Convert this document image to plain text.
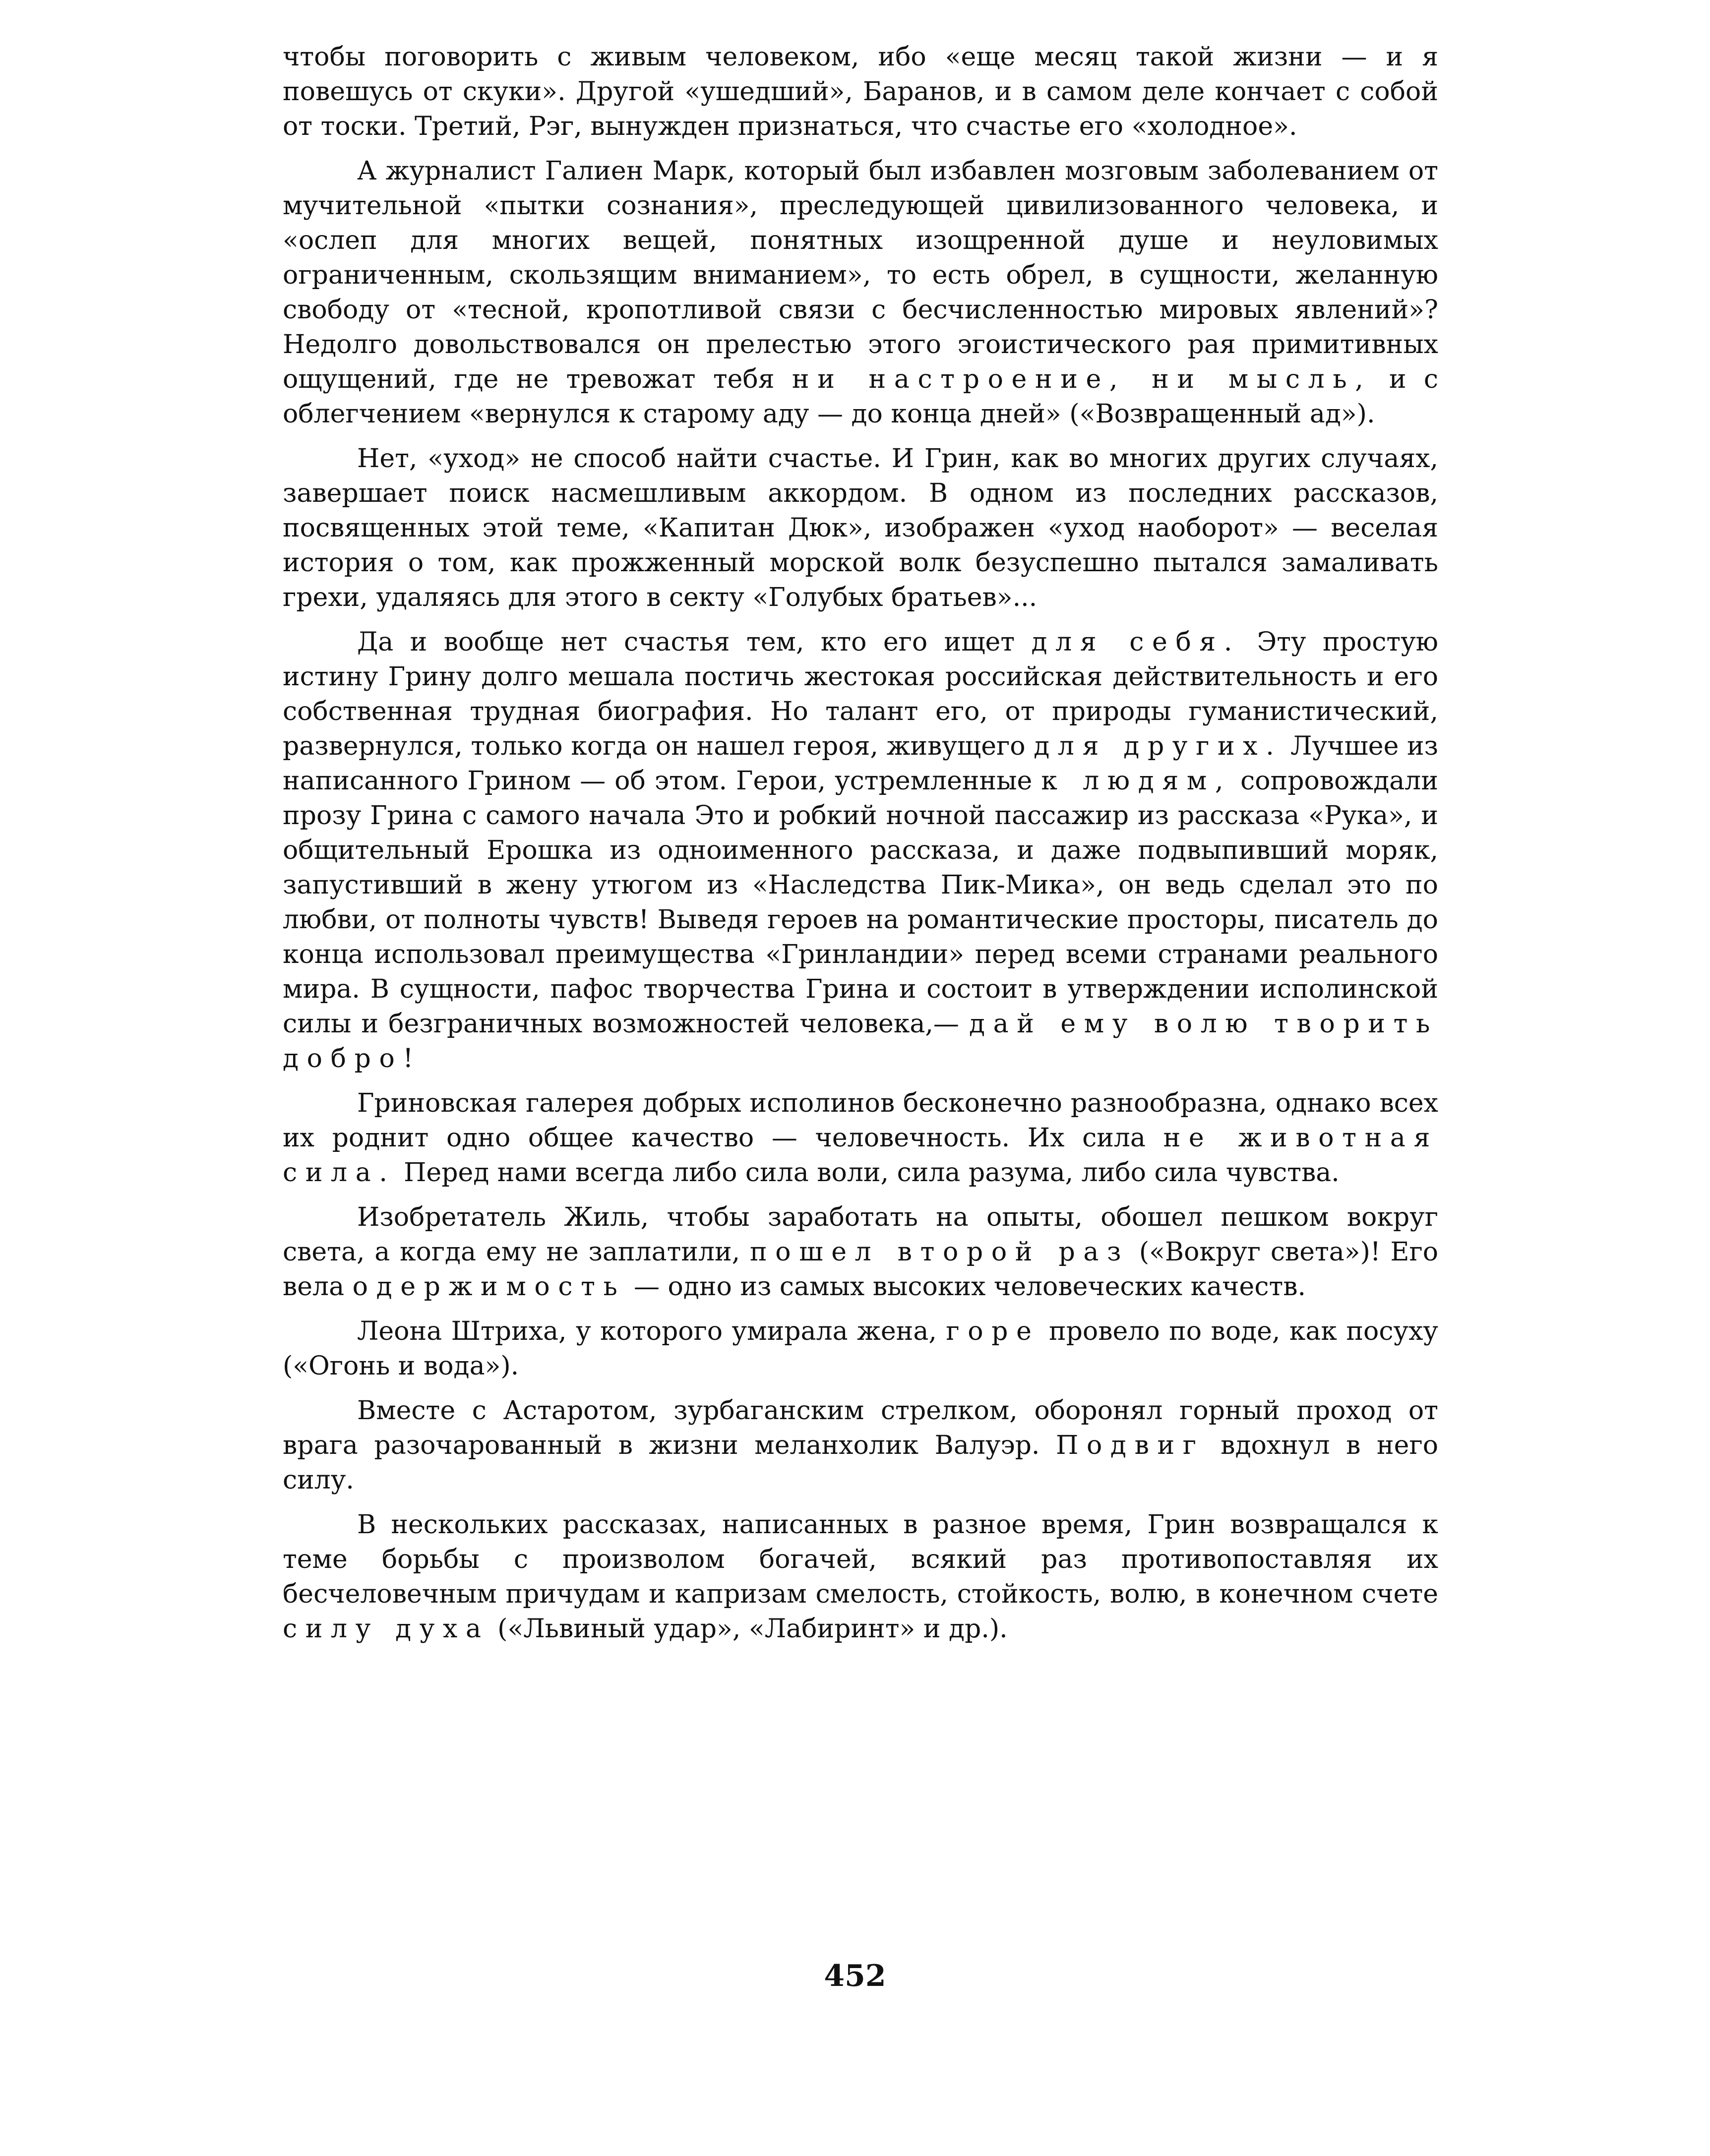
чтобы поговорить с живым человеком, ибо «еще месяц такой жизни — и я повешусь от скуки». Другой «ушедший», Баранов, и в самом деле кончает с собой от тоски. Третий, Рэг, вынужден признаться, что счастье его «холодное».

А журналист Галиен Марк, который был избавлен мозговым заболеванием от мучительной «пытки сознания», преследующей цивилизованного человека, и «ослеп для многих вещей, понятных изощренной душе и неуловимых ограниченным, скользящим вниманием», то есть обрел, в сущности, желанную свободу от «тесной, кропотливой связи с бесчисленностью мировых явлений»? Недолго довольствовался он прелестью этого эгоистического рая примитивных ощущений, где не тревожат тебя ни настроение, ни мысль, и с облегчением «вернулся к старому аду — до конца дней» («Возвращенный ад»).

Нет, «уход» не способ найти счастье. И Грин, как во многих других случаях, завершает поиск насмешливым аккордом. В одном из последних рассказов, посвященных этой теме, «Капитан Дюк», изображен «уход наоборот» — веселая история о том, как прожженный морской волк безуспешно пытался замаливать грехи, удаляясь для этого в секту «Голубых братьев»...

Да и вообще нет счастья тем, кто его ищет для себя. Эту простую истину Грину долго мешала постичь жестокая российская действительность и его собственная трудная биография. Но талант его, от природы гуманистический, развернулся, только когда он нашел героя, живущего для других. Лучшее из написанного Грином — об этом. Герои, устремленные к людям, сопровождали прозу Грина с самого начала Это и робкий ночной пассажир из рассказа «Рука», и общительный Ерошка из одноименного рассказа, и даже подвыпивший моряк, запустивший в жену утюгом из «Наследства Пик-Мика», он ведь сделал это по любви, от полноты чувств! Выведя героев на романтические просторы, писатель до конца использовал преимущества «Гринландии» перед всеми странами реального мира. В сущности, пафос творчества Грина и состоит в утверждении исполинской силы и безграничных возможностей человека,— дай ему волю творить добро!

Гриновская галерея добрых исполинов бесконечно разнообразна, однако всех их роднит одно общее качество — человечность. Их сила не животная сила. Перед нами всегда либо сила воли, сила разума, либо сила чувства.

Изобретатель Жиль, чтобы заработать на опыты, обошел пешком вокруг света, а когда ему не заплатили, пошел второй раз («Вокруг света»)! Его вела одержимость — одно из самых высоких человеческих качеств.

Леона Штриха, у которого умирала жена, горе провело по воде, как посуху («Огонь и вода»).

Вместе с Астаротом, зурбаганским стрелком, оборонял горный проход от врага разочарованный в жизни меланхолик Валуэр. Подвиг вдохнул в него силу.

В нескольких рассказах, написанных в разное время, Грин возвращался к теме борьбы с произволом богачей, всякий раз противопоставляя их бесчеловечным причудам и капризам смелость, стойкость, волю, в конечном счете силу духа («Львиный удар», «Лабиринт» и др.).

452
